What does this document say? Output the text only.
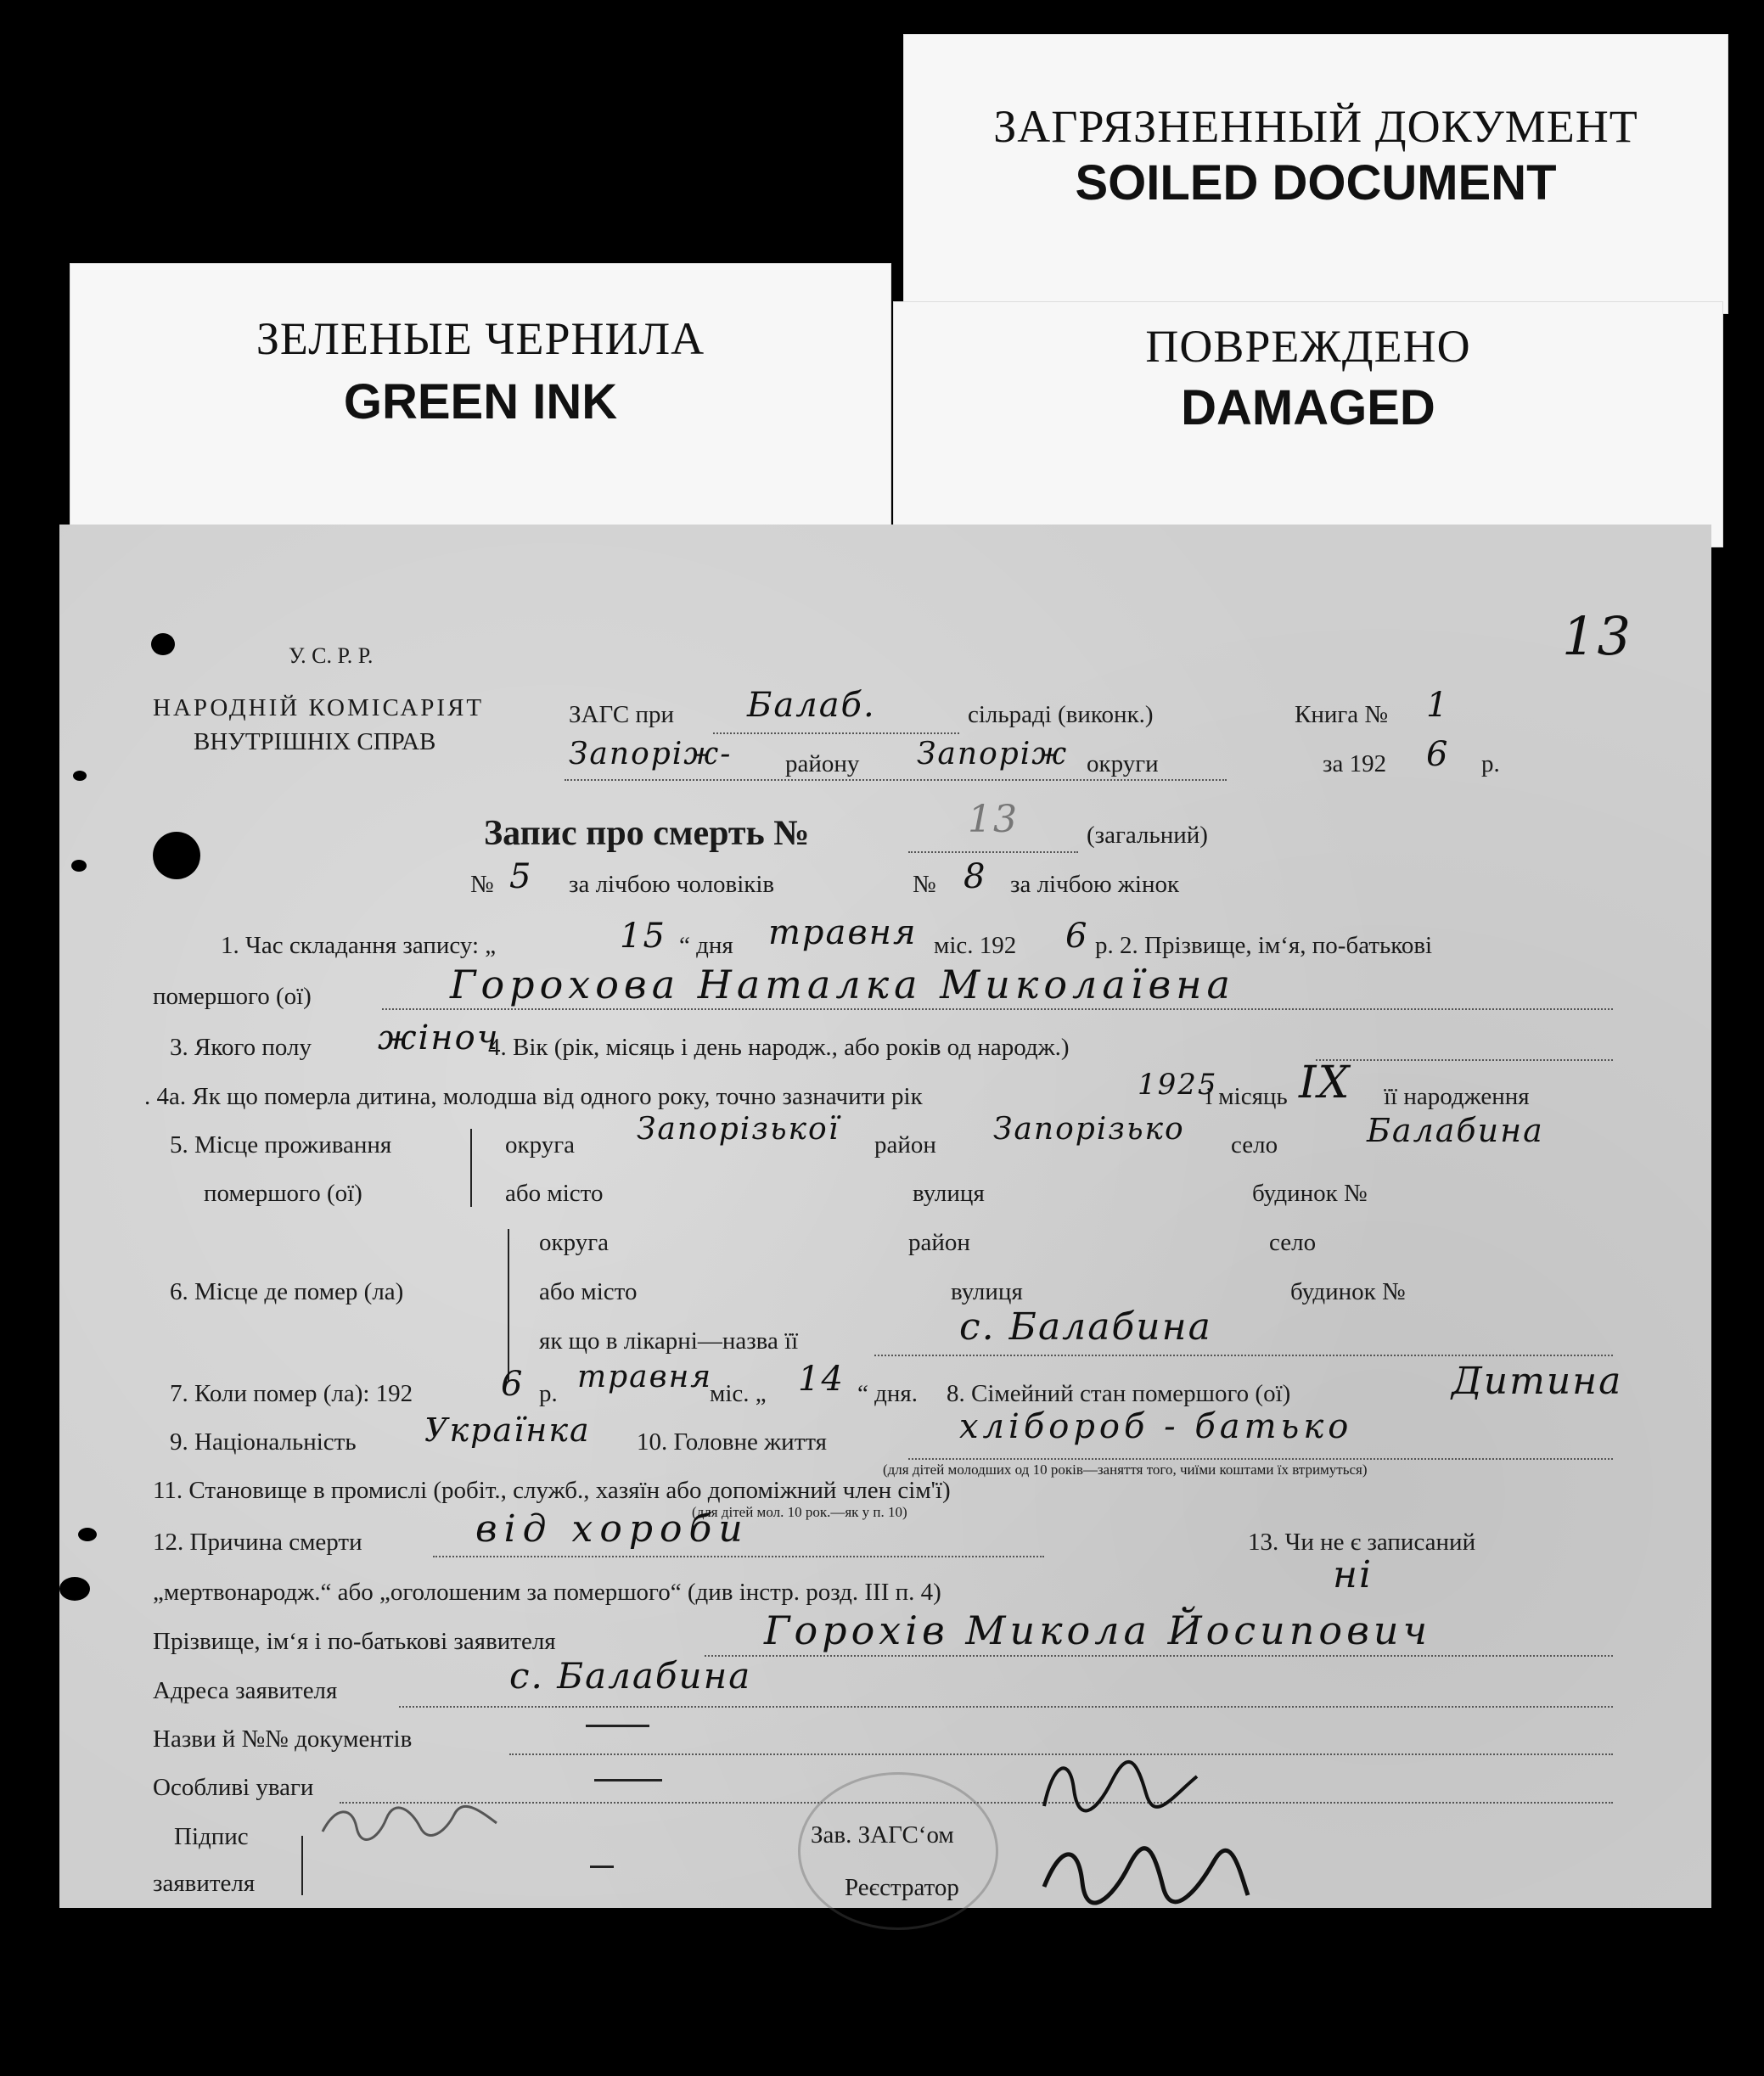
ЗАГРЯЗНЕННЫЙ ДОКУМЕНТ
SOILED DOCUMENT
ЗЕЛЕНЫЕ ЧЕРНИЛА
GREEN INK
ПОВРЕЖДЕНО
DAMAGED
13
У. С. Р. Р.
НАРОДНІЙ КОМІСАРІЯТ
ВНУТРІШНІХ СПРАВ
ЗАГС при Балаб.	сільраді (виконк.)	Книга № 1
Запоріж- району Запоріж округи	за 192 6 р.
Запис про смерть №	13	(загальний)
№ 5 за лічбою чоловіків	№ 8 за лічбою жінок
1. Час складання запису: „	15 “ дня травня міс. 192 6 р. 2. Прізвище, ім‘я, по-батькові
помершого (ої)	Горохова Наталка Миколаївна
3. Якого полу жіноч
4. Вік (рік, місяць і день народж., або років од народж.)
. 4а. Як що померла дитина, молодша від одного року, точно зазначити рік	1925
і місяць IX її народження
5. Місце проживання
помершого (ої)
округа Запорізької район Запорізько село	Балабина
або місто	вулиця	будинок №
6. Місце де помер (ла)
округа	район	село
або місто	вулиця	будинок №
як що в лікарні—назва її	с. Балабина
7. Коли помер (ла): 192	6 р. травня
міс. „ 14 “ дня. 8. Сімейний стан помершого (ої)	Дитина
9. Національність Українка 10. Головне життя	хлібороб - батько
(для дітей молодших од 10 років—заняття того, чиїми коштами їх втримуться)
11. Становище в промислі (робіт., служб., хазяїн або допоміжний член сім'ї)
(для дітей мол. 10 рок.—як у п. 10)
12. Причина смерти	від хороби	13. Чи не є записаний
„мертвонародж.“ або „оголошеним за помершого“ (див інстр. розд. III п. 4)	ні
Прізвище, ім‘я і по-батькові заявителя	Горохів Микола Йосипович
Адреса заявителя	с. Балабина
Назви й №№ документів
Особливі уваги
Підпис
заявителя
Зав. ЗАГС‘ом
Реєстратор
